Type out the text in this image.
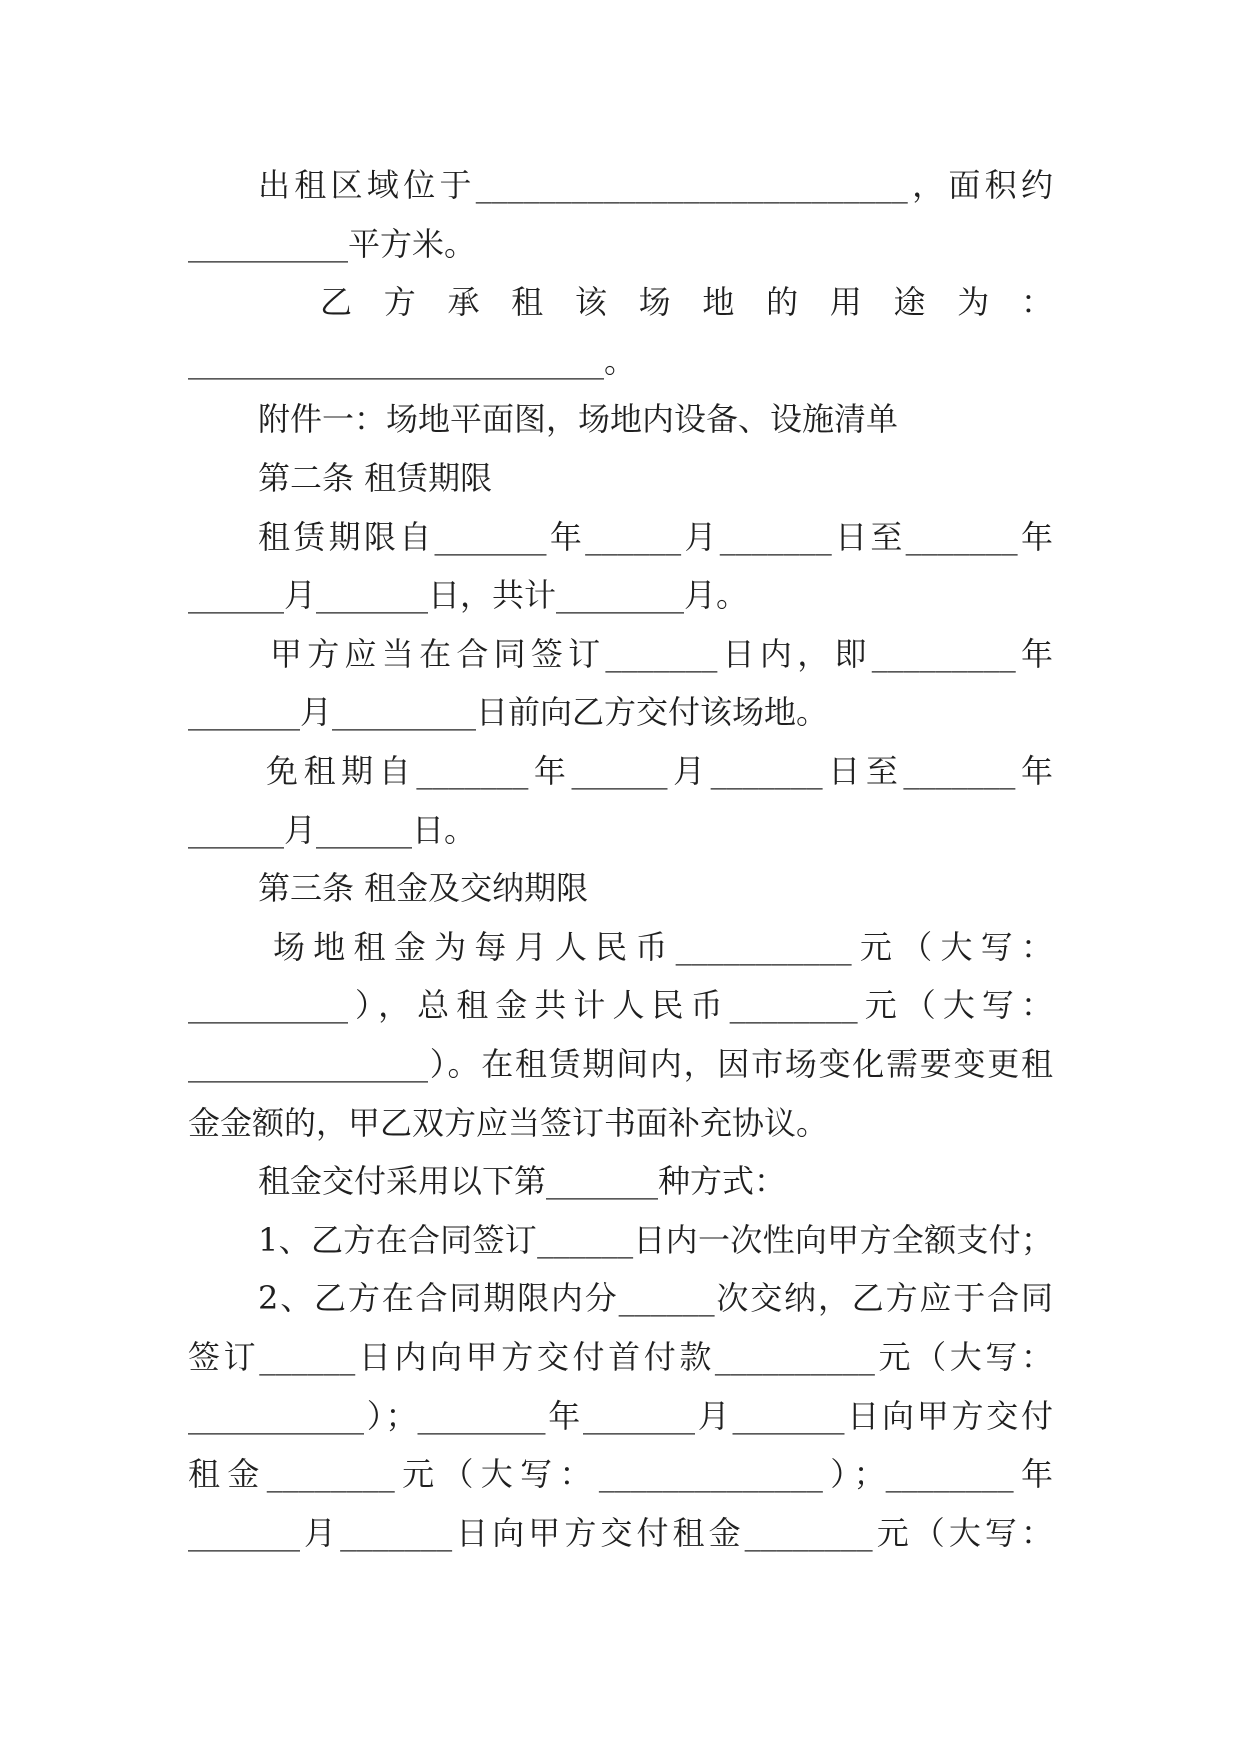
出租区域位于___________________________，面积约
__________平方米。
乙方承租该场地的用途为：
__________________________。
附件一：场地平面图，场地内设备、设施清单
第二条 租赁期限
租赁期限自_______年______月_______日至_______年
______月_______日，共计________月。
甲方应当在合同签订_______日内，即_________年
_______月_________日前向乙方交付该场地。
免租期自_______年______月_______日至_______年
______月______日。
第三条 租金及交纳期限
场地租金为每月人民币___________元（大写：
__________），总租金共计人民币________元（大写：
_______________）。在租赁期间内，因市场变化需要变更租
金金额的，甲乙双方应当签订书面补充协议。
租金交付采用以下第_______种方式：
1、乙方在合同签订______日内一次性向甲方全额支付；
2、乙方在合同期限内分______次交纳，乙方应于合同
签订______日内向甲方交付首付款__________元（大写：
___________）；________年_______月_______日向甲方交付
租金________元（大写：______________）；________年
_______月_______日向甲方交付租金________元（大写：
